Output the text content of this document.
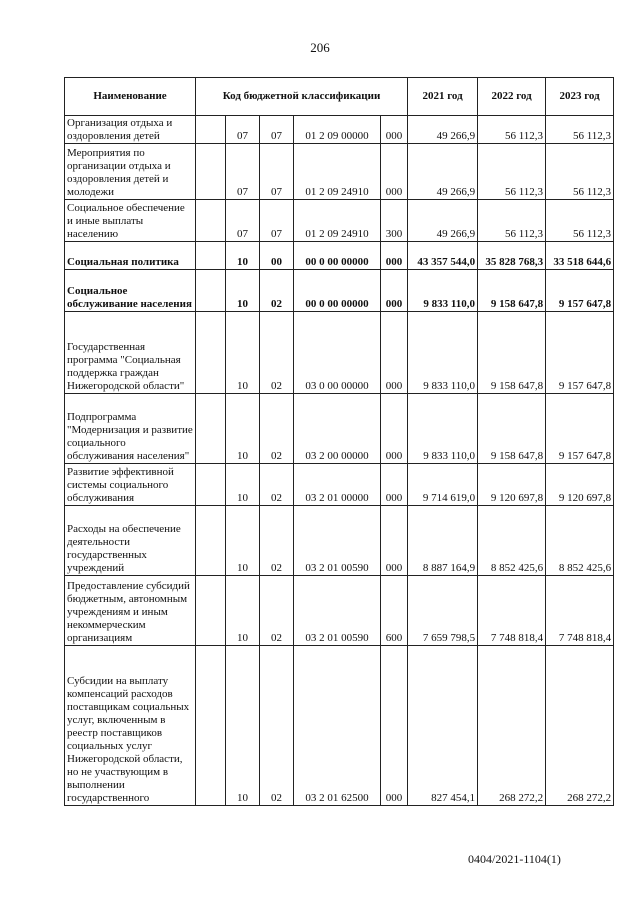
206
Наименование	Код бюджетной классификации					2021 год	2022 год	2023 год
Организация отдыха и оздоровления детей		07	07	01 2 09 00000	000	49 266,9	56 112,3	56 112,3
Мероприятия по организации отдыха и оздоровления детей и молодежи		07	07	01 2 09 24910	000	49 266,9	56 112,3	56 112,3
Социальное обеспечение и иные выплаты населению		07	07	01 2 09 24910	300	49 266,9	56 112,3	56 112,3
Социальная политика		10	00	00 0 00 00000	000	43 357 544,0	35 828 768,3	33 518 644,6
Социальное обслуживание населения		10	02	00 0 00 00000	000	9 833 110,0	9 158 647,8	9 157 647,8
Государственная программа "Социальная поддержка граждан Нижегородской области"		10	02	03 0 00 00000	000	9 833 110,0	9 158 647,8	9 157 647,8
Подпрограмма "Модернизация и развитие социального обслуживания населения"		10	02	03 2 00 00000	000	9 833 110,0	9 158 647,8	9 157 647,8
Развитие эффективной системы социального обслуживания		10	02	03 2 01 00000	000	9 714 619,0	9 120 697,8	9 120 697,8
Расходы на обеспечение деятельности государственных учреждений		10	02	03 2 01 00590	000	8 887 164,9	8 852 425,6	8 852 425,6
Предоставление субсидий бюджетным, автономным учреждениям и иным некоммерческим организациям		10	02	03 2 01 00590	600	7 659 798,5	7 748 818,4	7 748 818,4
Субсидии на выплату компенсаций расходов поставщикам социальных услуг, включенным в реестр поставщиков социальных услуг Нижегородской области, но не участвующим в выполнении государственного		10	02	03 2 01 62500	000	827 454,1	268 272,2	268 272,2
0404/2021-1104(1)
